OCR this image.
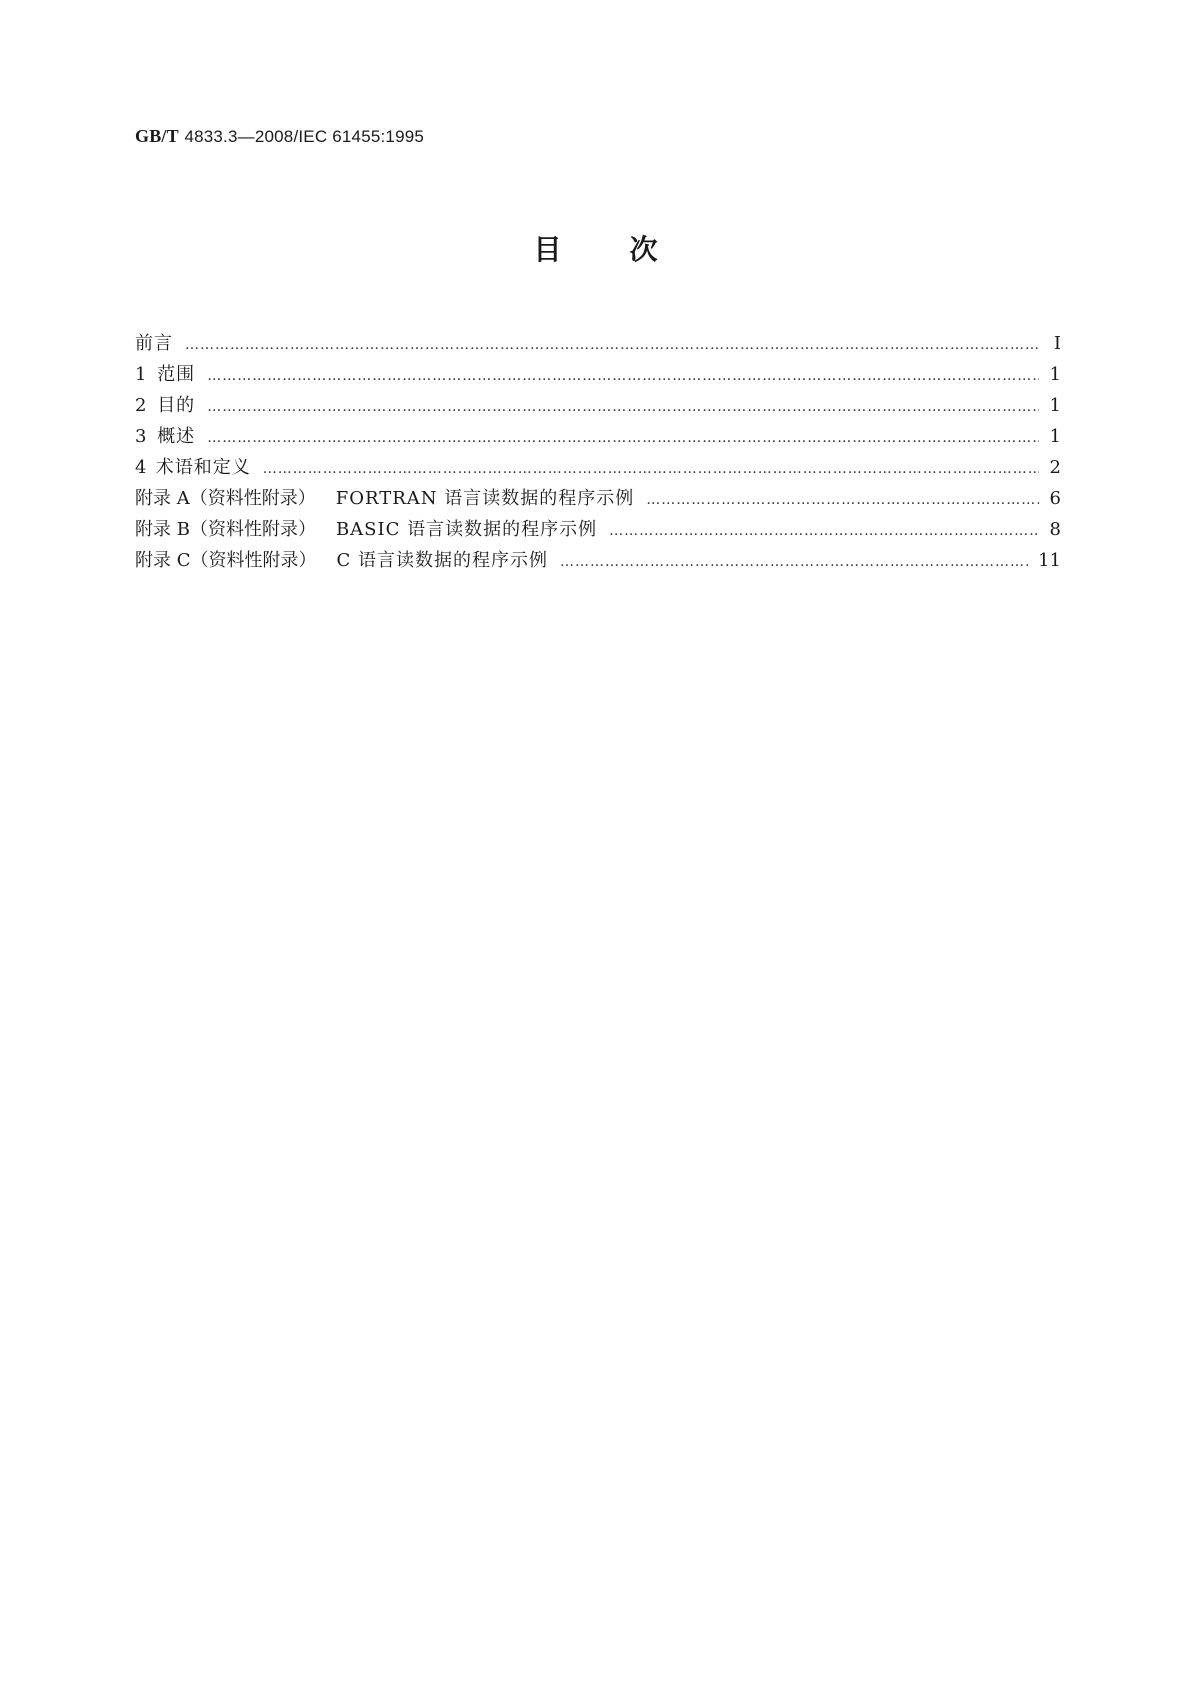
GB/T 4833.3—2008/IEC 61455:1995
目次
前言 ……………………………………………………………………………………………………………………………………………………………………………………………………………………	Ⅰ
1 范围 ……………………………………………………………………………………………………………………………………………………………………………………………………………………	1
2 目的 ……………………………………………………………………………………………………………………………………………………………………………………………………………………	1
3 概述 ……………………………………………………………………………………………………………………………………………………………………………………………………………………	1
4 术语和定义 ……………………………………………………………………………………………………………………………………………………………………………………………………………………	2
附录 A（资料性附录） FORTRAN 语言读数据的程序示例 ……………………………………………………………………………………………………………………………………………………………………………………………………………………	6
附录 B（资料性附录） BASIC 语言读数据的程序示例 ……………………………………………………………………………………………………………………………………………………………………………………………………………………	8
附录 C（资料性附录） C 语言读数据的程序示例 ……………………………………………………………………………………………………………………………………………………………………………………………………………………	11
